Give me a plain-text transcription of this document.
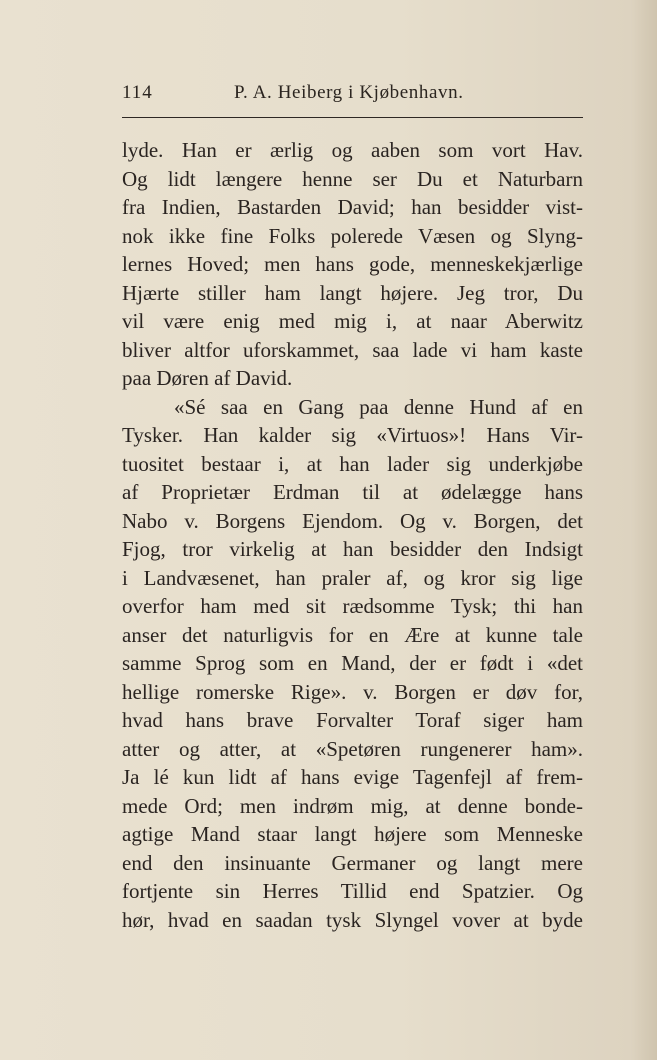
114	P. A. Heiberg i Kjøbenhavn.
lyde. Han er ærlig og aaben som vort Hav.
Og lidt længere henne ser Du et Naturbarn
fra Indien, Bastarden David; han besidder vist-
nok ikke fine Folks polerede Væsen og Slyng-
lernes Hoved; men hans gode, menneskekjærlige
Hjærte stiller ham langt højere. Jeg tror, Du
vil være enig med mig i, at naar Aberwitz
bliver altfor uforskammet, saa lade vi ham kaste
paa Døren af David.
«Sé saa en Gang paa denne Hund af en
Tysker. Han kalder sig «Virtuos»! Hans Vir-
tuositet bestaar i, at han lader sig underkjøbe
af Proprietær Erdman til at ødelægge hans
Nabo v. Borgens Ejendom. Og v. Borgen, det
Fjog, tror virkelig at han besidder den Indsigt
i Landvæsenet, han praler af, og kror sig lige
overfor ham med sit rædsomme Tysk; thi han
anser det naturligvis for en Ære at kunne tale
samme Sprog som en Mand, der er født i «det
hellige romerske Rige». v. Borgen er døv for,
hvad hans brave Forvalter Toraf siger ham
atter og atter, at «Spetøren rungenerer ham».
Ja lé kun lidt af hans evige Tagenfejl af frem-
mede Ord; men indrøm mig, at denne bonde-
agtige Mand staar langt højere som Menneske
end den insinuante Germaner og langt mere
fortjente sin Herres Tillid end Spatzier. Og
hør, hvad en saadan tysk Slyngel vover at byde
